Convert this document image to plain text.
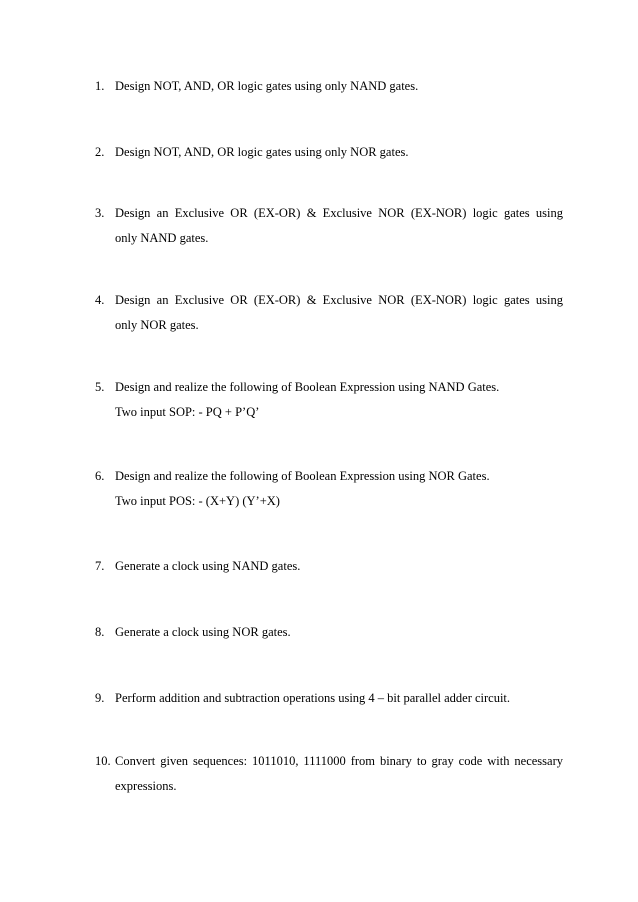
1. Design NOT, AND, OR logic gates using only NAND gates.
2. Design NOT, AND, OR logic gates using only NOR gates.
3. Design an Exclusive OR (EX-OR) & Exclusive NOR (EX-NOR) logic gates using
only NAND gates.
4. Design an Exclusive OR (EX-OR) & Exclusive NOR (EX-NOR) logic gates using
only NOR gates.
5. Design and realize the following of Boolean Expression using NAND Gates.
Two input SOP: - PQ + P’Q’
6. Design and realize the following of Boolean Expression using NOR Gates.
Two input POS: - (X+Y) (Y’+X)
7. Generate a clock using NAND gates.
8. Generate a clock using NOR gates.
9. Perform addition and subtraction operations using 4 – bit parallel adder circuit.
10. Convert given sequences: 1011010, 1111000 from binary to gray code with necessary
expressions.
